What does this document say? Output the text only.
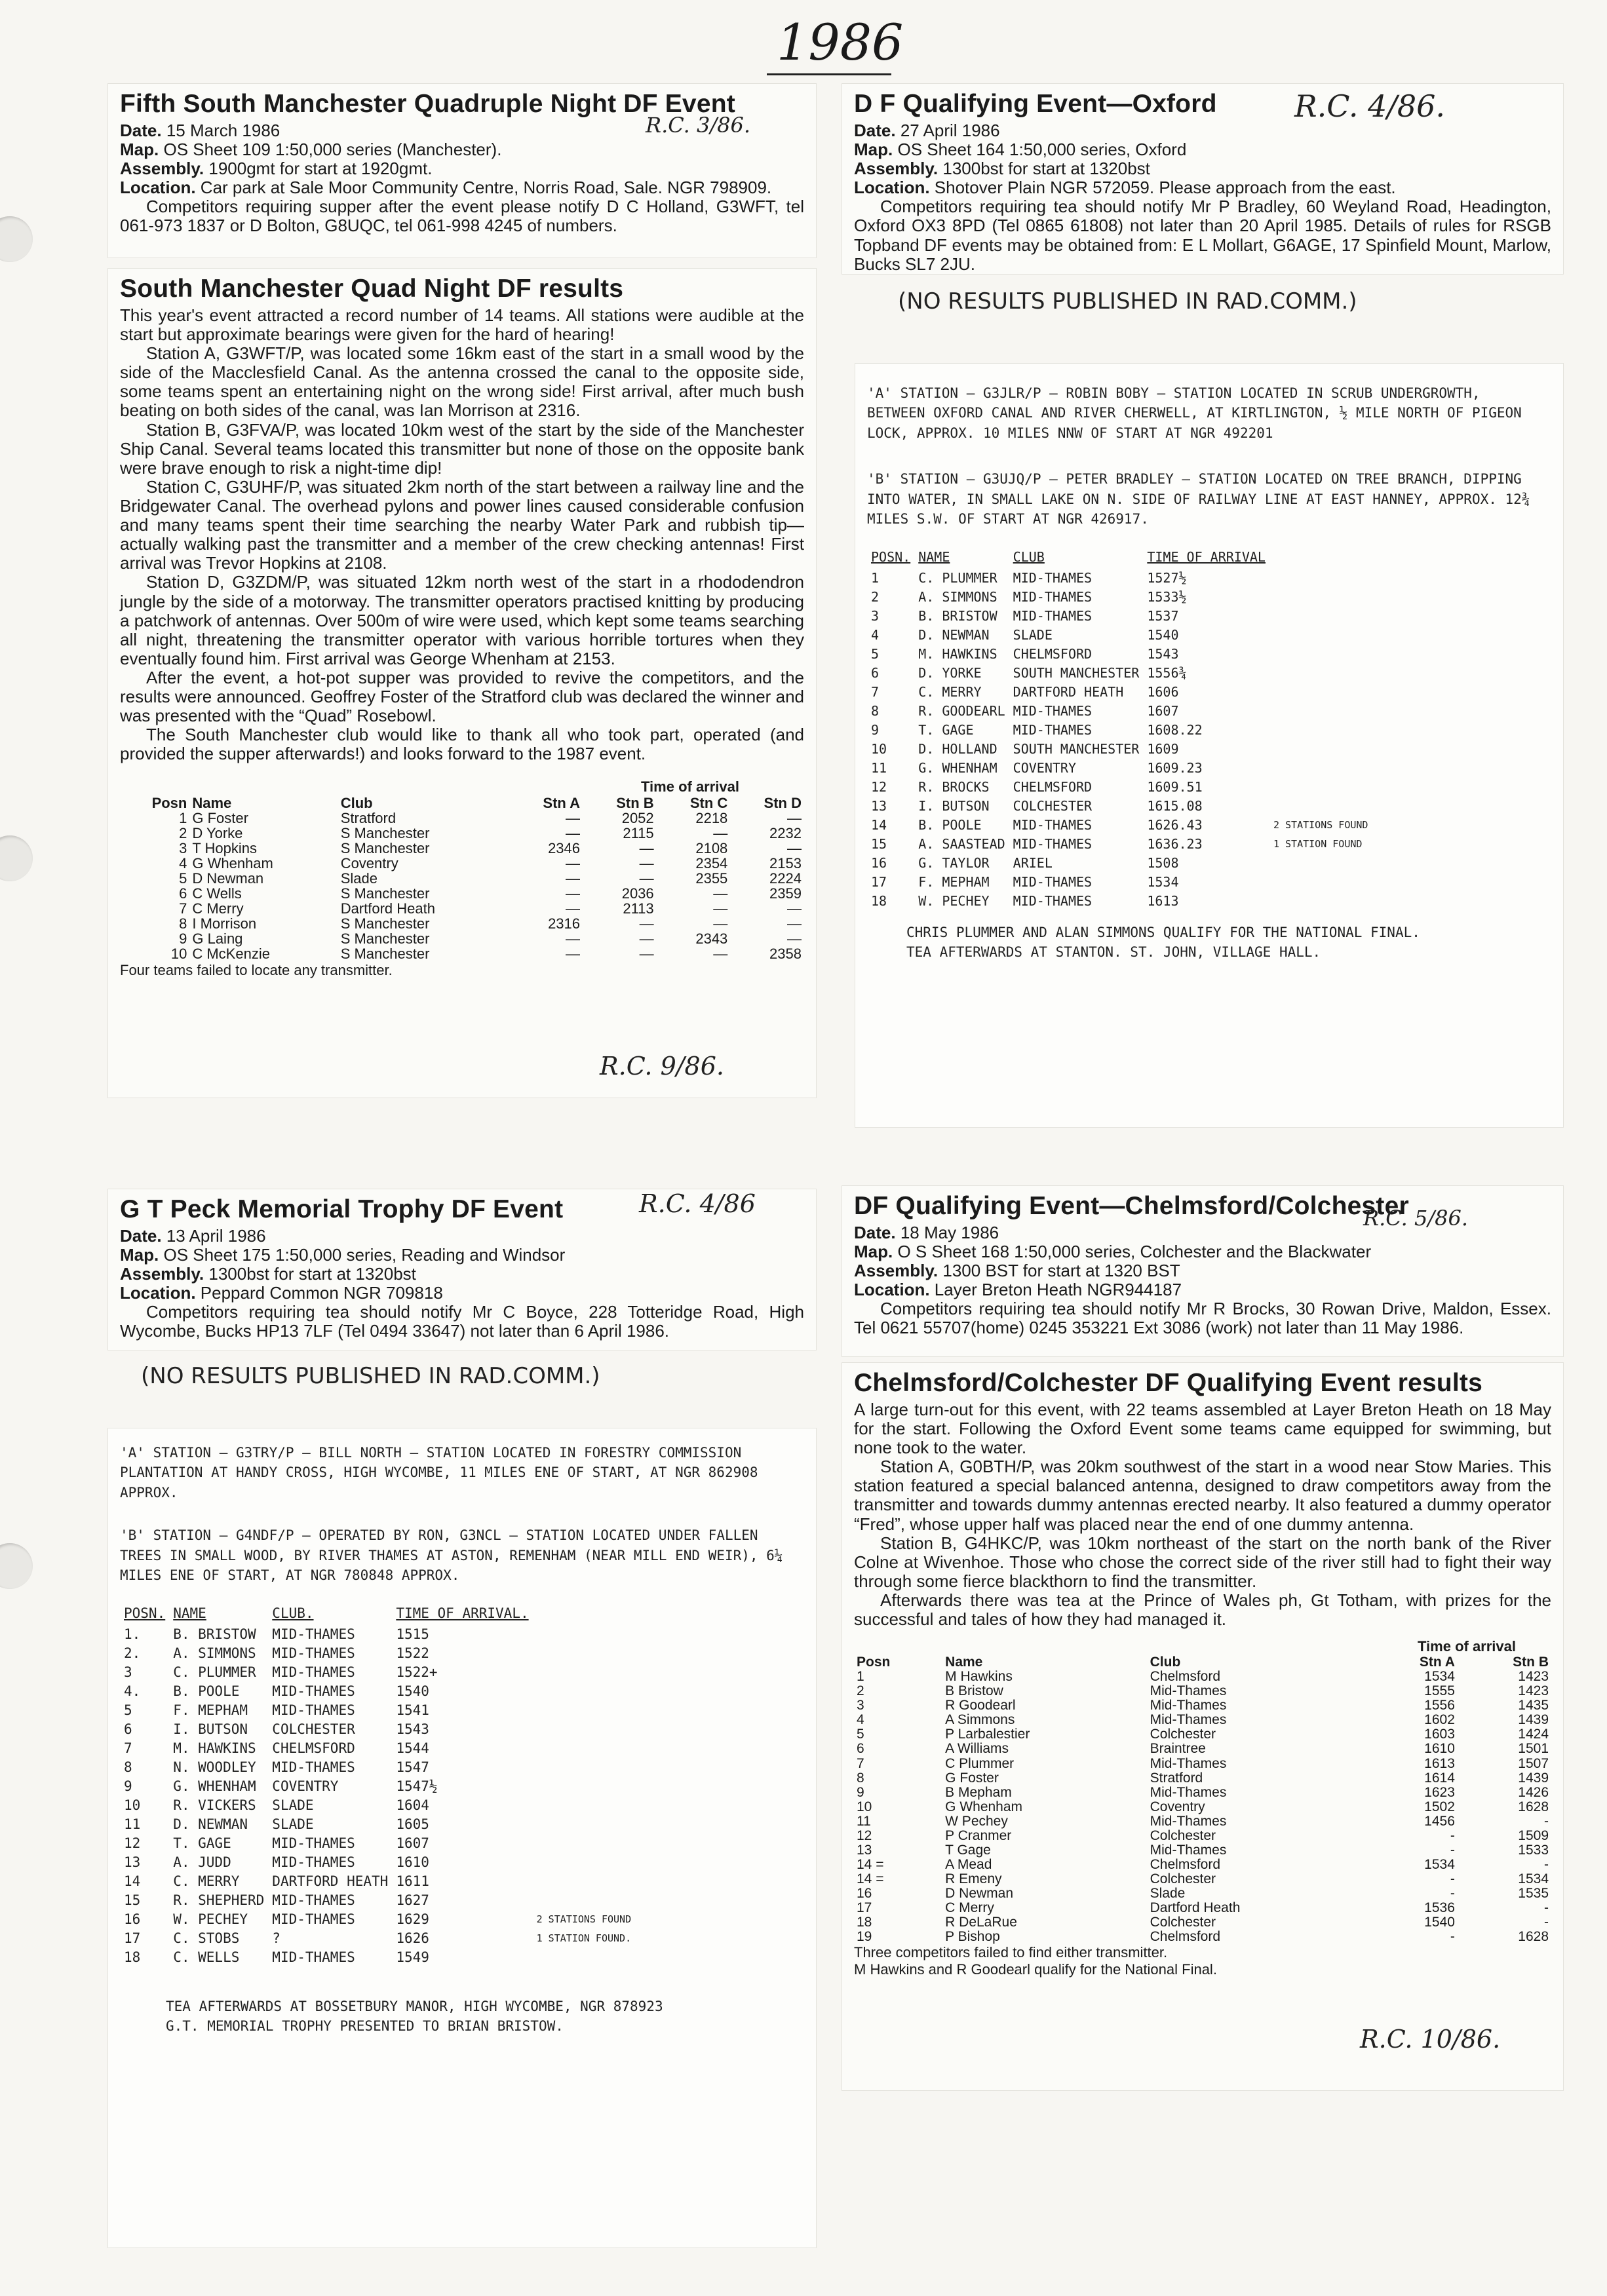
1986
Fifth South Manchester Quadruple Night DF Event
Date. 15 March 1986
Map. OS Sheet 109 1:50,000 series (Manchester).
Assembly. 1900gmt for start at 1920gmt.
Location. Car park at Sale Moor Community Centre, Norris Road, Sale. NGR 798909.

Competitors requiring supper after the event please notify D C Holland, G3WFT, tel 061-973 1837 or D Bolton, G8UQC, tel 061-998 4245 of numbers.

R.C. 3/86.
South Manchester Quad Night DF results

This year's event attracted a record number of 14 teams. All stations were audible at the start but approximate bearings were given for the hard of hearing!

Station A, G3WFT/P, was located some 16km east of the start in a small wood by the side of the Macclesfield Canal. As the antenna crossed the canal to the opposite side, some teams spent an entertaining night on the wrong side! First arrival, after much bush beating on both sides of the canal, was Ian Morrison at 2316.

Station B, G3FVA/P, was located 10km west of the start by the side of the Manchester Ship Canal. Several teams located this transmitter but none of those on the opposite bank were brave enough to risk a night-time dip!

Station C, G3UHF/P, was situated 2km north of the start between a railway line and the Bridgewater Canal. The overhead pylons and power lines caused considerable confusion and many teams spent their time searching the nearby Water Park and rubbish tip—actually walking past the transmitter and a member of the crew checking antennas! First arrival was Trevor Hopkins at 2108.

Station D, G3ZDM/P, was situated 12km north west of the start in a rhododendron jungle by the side of a motorway. The transmitter operators practised knitting by producing a patchwork of antennas. Over 500m of wire were used, which kept some teams searching all night, threatening the transmitter operator with various horrible tortures when they eventually found him. First arrival was George Whenham at 2153.

After the event, a hot-pot supper was provided to revive the competitors, and the results were announced. Geoffrey Foster of the Stratford club was declared the winner and was presented with the “Quad” Rosebowl.

The South Manchester club would like to thank all who took part, operated (and provided the supper afterwards!) and looks forward to the 1987 event.

Time of arrival
Posn	Name	Club	Stn A	Stn B	Stn C	Stn D
1	G Foster	Stratford	—	2052	2218	—
2	D Yorke	S Manchester	—	2115	—	2232
3	T Hopkins	S Manchester	2346	—	2108	—
4	G Whenham	Coventry	—	—	2354	2153
5	D Newman	Slade	—	—	2355	2224
6	C Wells	S Manchester	—	2036	—	2359
7	C Merry	Dartford Heath	—	2113	—	—
8	I Morrison	S Manchester	2316	—	—	—
9	G Laing	S Manchester	—	—	2343	—
10	C McKenzie	S Manchester	—	—	—	2358
Four teams failed to locate any transmitter.
R.C. 9/86.
D F Qualifying Event—Oxford
Date. 27 April 1986
Map. OS Sheet 164 1:50,000 series, Oxford
Assembly. 1300bst for start at 1320bst
Location. Shotover Plain NGR 572059. Please approach from the east.

Competitors requiring tea should notify Mr P Bradley, 60 Weyland Road, Headington, Oxford OX3 8PD (Tel 0865 61808) not later than 20 April 1985. Details of rules for RSGB Topband DF events may be obtained from: E L Mollart, G6AGE, 17 Spinfield Mount, Marlow, Bucks SL7 2JU.

R.C. 4/86.
(NO RESULTS PUBLISHED IN RAD.COMM.)
'A' STATION – G3JLR/P – ROBIN BOBY – STATION LOCATED IN SCRUB UNDERGROWTH, BETWEEN OXFORD CANAL AND RIVER CHERWELL, AT KIRTLINGTON, ½ MILE NORTH OF PIGEON LOCK, APPROX. 10 MILES NNW OF START AT NGR 492201
'B' STATION – G3UJQ/P – PETER BRADLEY – STATION LOCATED ON TREE BRANCH, DIPPING INTO WATER, IN SMALL LAKE ON N. SIDE OF RAILWAY LINE AT EAST HANNEY, APPROX. 12¾ MILES S.W. OF START AT NGR 426917.
POSN.	NAME	CLUB	TIME OF ARRIVAL	
1	C. PLUMMER	MID-THAMES	1527½	
2	A. SIMMONS	MID-THAMES	1533½	
3	B. BRISTOW	MID-THAMES	1537	
4	D. NEWMAN	SLADE	1540	
5	M. HAWKINS	CHELMSFORD	1543	
6	D. YORKE	SOUTH MANCHESTER	1556¾	
7	C. MERRY	DARTFORD HEATH	1606	
8	R. GOODEARL	MID-THAMES	1607	
9	T. GAGE	MID-THAMES	1608.22	
10	D. HOLLAND	SOUTH MANCHESTER	1609	
11	G. WHENHAM	COVENTRY	1609.23	
12	R. BROCKS	CHELMSFORD	1609.51	
13	I. BUTSON	COLCHESTER	1615.08	
14	B. POOLE	MID-THAMES	1626.43	2 STATIONS FOUND
15	A. SAASTEAD	MID-THAMES	1636.23	1 STATION FOUND
16	G. TAYLOR	ARIEL	1508	
17	F. MEPHAM	MID-THAMES	1534	
18	W. PECHEY	MID-THAMES	1613	
CHRIS PLUMMER AND ALAN SIMMONS QUALIFY FOR THE NATIONAL FINAL.
TEA AFTERWARDS AT STANTON. ST. JOHN, VILLAGE HALL.
G T Peck Memorial Trophy DF Event
Date. 13 April 1986
Map. OS Sheet 175 1:50,000 series, Reading and Windsor
Assembly. 1300bst for start at 1320bst
Location. Peppard Common NGR 709818

Competitors requiring tea should notify Mr C Boyce, 228 Totteridge Road, High Wycombe, Bucks HP13 7LF (Tel 0494 33647) not later than 6 April 1986.

R.C. 4/86
(NO RESULTS PUBLISHED IN RAD.COMM.)
'A' STATION – G3TRY/P – BILL NORTH – STATION LOCATED IN FORESTRY COMMISSION PLANTATION AT HANDY CROSS, HIGH WYCOMBE, 11 MILES ENE OF START, AT NGR 862908 APPROX.
'B' STATION – G4NDF/P – OPERATED BY RON, G3NCL – STATION LOCATED UNDER FALLEN TREES IN SMALL WOOD, BY RIVER THAMES AT ASTON, REMENHAM (NEAR MILL END WEIR), 6¼ MILES ENE OF START, AT NGR 780848 APPROX.
POSN.	NAME	CLUB.	TIME OF ARRIVAL.	
1.	B. BRISTOW	MID-THAMES	1515	
2.	A. SIMMONS	MID-THAMES	1522	
3	C. PLUMMER	MID-THAMES	1522+	
4.	B. POOLE	MID-THAMES	1540	
5	F. MEPHAM	MID-THAMES	1541	
6	I. BUTSON	COLCHESTER	1543	
7	M. HAWKINS	CHELMSFORD	1544	
8	N. WOODLEY	MID-THAMES	1547	
9	G. WHENHAM	COVENTRY	1547½	
10	R. VICKERS	SLADE	1604	
11	D. NEWMAN	SLADE	1605	
12	T. GAGE	MID-THAMES	1607	
13	A. JUDD	MID-THAMES	1610	
14	C. MERRY	DARTFORD HEATH	1611	
15	R. SHEPHERD	MID-THAMES	1627	
16	W. PECHEY	MID-THAMES	1629	2 STATIONS FOUND
17	C. STOBS	?	1626	1 STATION FOUND.
18	C. WELLS	MID-THAMES	1549	
TEA AFTERWARDS AT BOSSETBURY MANOR, HIGH WYCOMBE, NGR 878923
G.T. MEMORIAL TROPHY PRESENTED TO BRIAN BRISTOW.
DF Qualifying Event—Chelmsford/Colchester
Date. 18 May 1986
Map. O S Sheet 168 1:50,000 series, Colchester and the Blackwater
Assembly. 1300 BST for start at 1320 BST
Location. Layer Breton Heath NGR944187

Competitors requiring tea should notify Mr R Brocks, 30 Rowan Drive, Maldon, Essex. Tel 0621 55707(home) 0245 353221 Ext 3086 (work) not later than 11 May 1986.

R.C. 5/86.
Chelmsford/Colchester DF Qualifying Event results

A large turn-out for this event, with 22 teams assembled at Layer Breton Heath on 18 May for the start. Following the Oxford Event some teams came equipped for swimming, but none took to the water.

Station A, G0BTH/P, was 20km southwest of the start in a wood near Stow Maries. This station featured a special balanced antenna, designed to draw competitors away from the transmitter and towards dummy antennas erected nearby. It also featured a dummy operator “Fred”, whose upper half was placed near the end of one dummy antenna.

Station B, G4HKC/P, was 10km northeast of the start on the north bank of the River Colne at Wivenhoe. Those who chose the correct side of the river still had to fight their way through some fierce blackthorn to find the transmitter.

Afterwards there was tea at the Prince of Wales ph, Gt Totham, with prizes for the successful and tales of how they had managed it.

Time of arrival
Posn	Name	Club	Stn A	Stn B
1	M Hawkins	Chelmsford	1534	1423
2	B Bristow	Mid-Thames	1555	1423
3	R Goodearl	Mid-Thames	1556	1435
4	A Simmons	Mid-Thames	1602	1439
5	P Larbalestier	Colchester	1603	1424
6	A Williams	Braintree	1610	1501
7	C Plummer	Mid-Thames	1613	1507
8	G Foster	Stratford	1614	1439
9	B Mepham	Mid-Thames	1623	1426
10	G Whenham	Coventry	1502	1628
11	W Pechey	Mid-Thames	1456	-
12	P Cranmer	Colchester	-	1509
13	T Gage	Mid-Thames	-	1533
14 =	A Mead	Chelmsford	1534	-
14 =	R Emeny	Colchester	-	1534
16	D Newman	Slade	-	1535
17	C Merry	Dartford Heath	1536	-
18	R DeLaRue	Colchester	1540	-
19	P Bishop	Chelmsford	-	1628
Three competitors failed to find either transmitter.
M Hawkins and R Goodearl qualify for the National Final.
R.C. 10/86.
